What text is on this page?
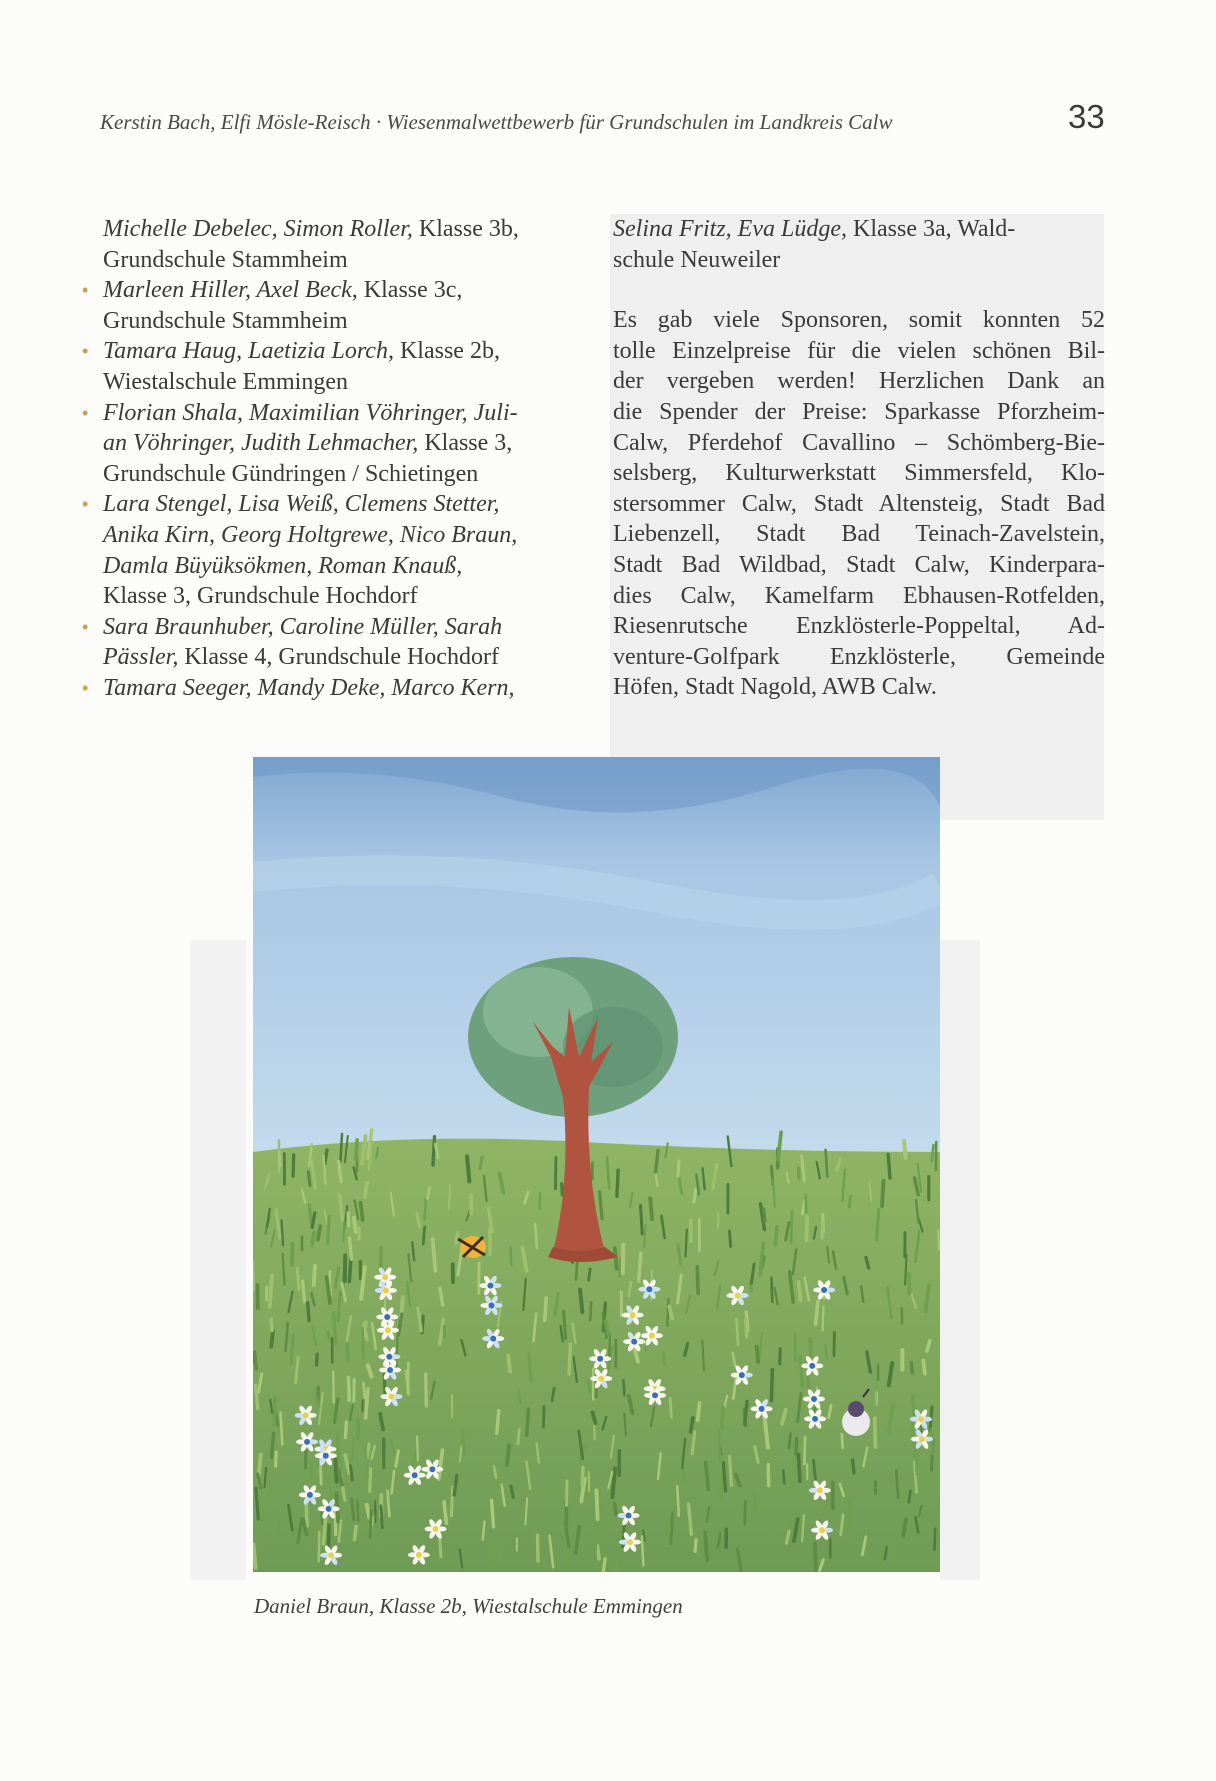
Kerstin Bach, Elfi Mösle-Reisch · Wiesenmalwettbewerb für Grundschulen im Landkreis Calw	33
Michelle Debelec, Simon Roller, Klasse 3b,
Grundschule Stammheim
• Marleen Hiller, Axel Beck, Klasse 3c,
Grundschule Stammheim
• Tamara Haug, Laetizia Lorch, Klasse 2b,
Wiestalschule Emmingen
• Florian Shala, Maximilian Vöhringer, Juli-
an Vöhringer, Judith Lehmacher, Klasse 3,
Grundschule Gündringen / Schietingen
• Lara Stengel, Lisa Weiß, Clemens Stetter,
Anika Kirn, Georg Holtgrewe, Nico Braun,
Damla Büyüksökmen, Roman Knauß,
Klasse 3, Grundschule Hochdorf
• Sara Braunhuber, Caroline Müller, Sarah
Pässler, Klasse 4, Grundschule Hochdorf
• Tamara Seeger, Mandy Deke, Marco Kern,
Selina Fritz, Eva Lüdge, Klasse 3a, Wald-
schule Neuweiler
Es gab viele Sponsoren, somit konnten 52
tolle Einzelpreise für die vielen schönen Bil-
der vergeben werden! Herzlichen Dank an
die Spender der Preise: Sparkasse Pforzheim-
Calw, Pferdehof Cavallino – Schömberg-Bie-
selsberg, Kulturwerkstatt Simmersfeld, Klo-
stersommer Calw, Stadt Altensteig, Stadt Bad
Liebenzell, Stadt Bad Teinach-Zavelstein,
Stadt Bad Wildbad, Stadt Calw, Kinderpara-
dies Calw, Kamelfarm Ebhausen-Rotfelden,
Riesenrutsche Enzklösterle-Poppeltal, Ad-
venture-Golfpark Enzklösterle, Gemeinde
Höfen, Stadt Nagold, AWB Calw.
Daniel Braun, Klasse 2b, Wiestalschule Emmingen
